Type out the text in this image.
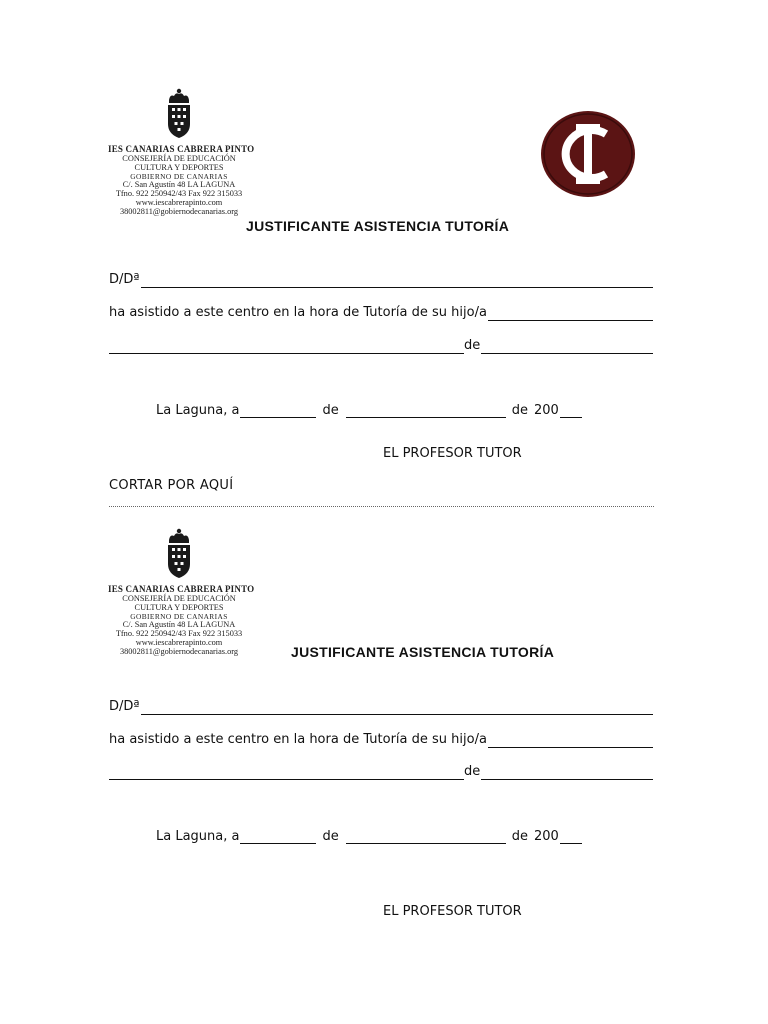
IES CANARIAS CABRERA PINTO
CONSEJERÍA DE EDUCACIÓN
CULTURA Y DEPORTES
GOBIERNO DE CANARIAS
C/. San Agustín 48 LA LAGUNA
Tfno. 922 250942/43 Fax 922 315033
www.iescabrerapinto.com
38002811@gobiernodecanarias.org
JUSTIFICANTE ASISTENCIA TUTORÍA
D/Dª
ha asistido a este centro en la hora de Tutoría de su hijo/a
de
La Laguna, a	de	de 200
EL PROFESOR TUTOR
CORTAR POR AQUÍ
IES CANARIAS CABRERA PINTO
CONSEJERÍA DE EDUCACIÓN
CULTURA Y DEPORTES
GOBIERNO DE CANARIAS
C/. San Agustín 48 LA LAGUNA
Tfno. 922 250942/43 Fax 922 315033
www.iescabrerapinto.com
38002811@gobiernodecanarias.org	JUSTIFICANTE ASISTENCIA TUTORÍA
D/Dª
ha asistido a este centro en la hora de Tutoría de su hijo/a
de
La Laguna, a	de	de 200
EL PROFESOR TUTOR
